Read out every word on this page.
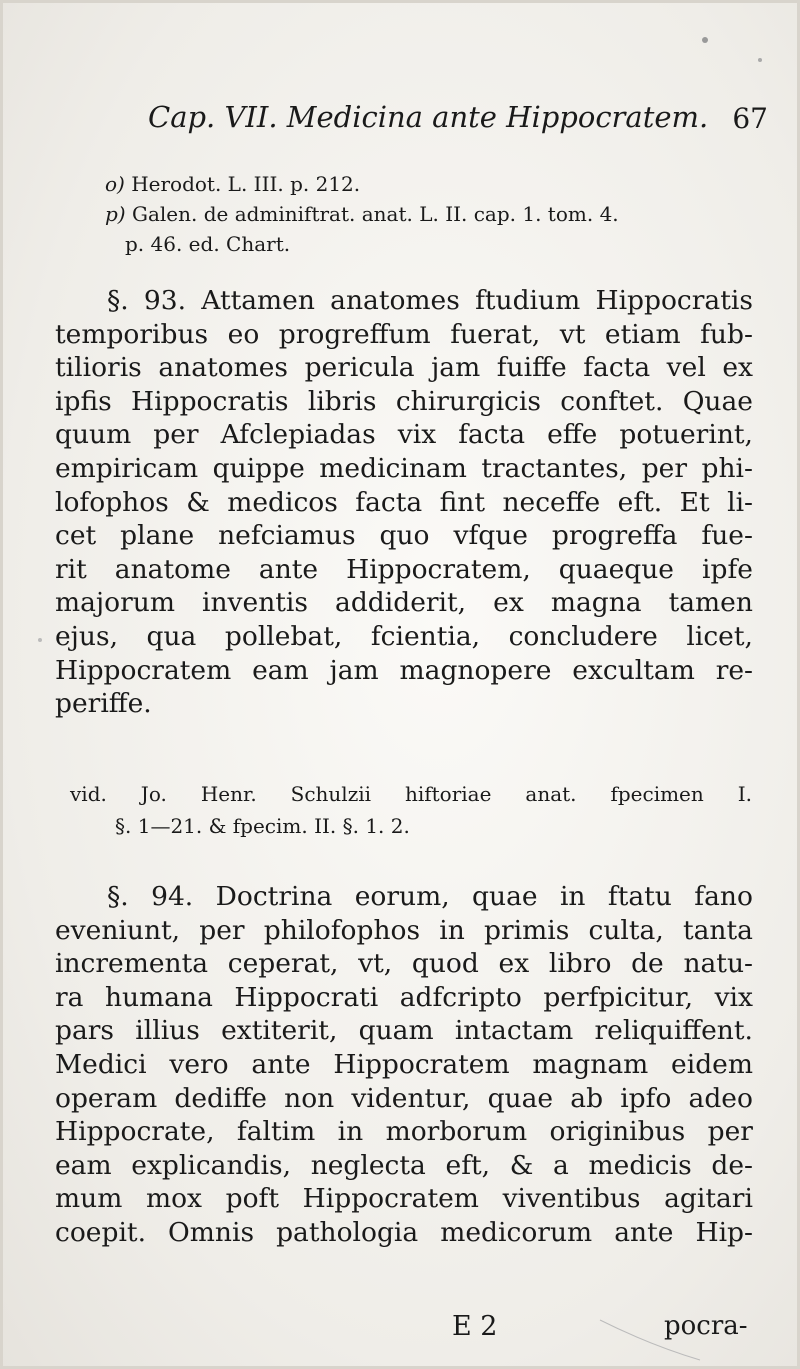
Cap. VII. Medicina ante Hippocratem. 67
o) Herodot. L. III. p. 212.
p) Galen. de adminiftrat. anat. L. II. cap. 1. tom. 4.
p. 46. ed. Chart.
§. 93. Attamen anatomes ftudium Hippocratis
temporibus eo progreffum fuerat, vt etiam fub-
tilioris anatomes pericula jam fuiffe facta vel ex
ipfis Hippocratis libris chirurgicis conftet. Quae
quum per Afclepiadas vix facta effe potuerint,
empiricam quippe medicinam tractantes, per phi-
lofophos & medicos facta fint neceffe eft. Et li-
cet plane nefciamus quo vfque progreffa fue-
rit anatome ante Hippocratem, quaeque ipfe
majorum inventis addiderit, ex magna tamen
ejus, qua pollebat, fcientia, concludere licet,
Hippocratem eam jam magnopere excultam re-
periffe.
vid. Jo. Henr. Schulzii hiftoriae anat. fpecimen I.
§. 1—21. & fpecim. II. §. 1. 2.
§. 94. Doctrina eorum, quae in ftatu fano
eveniunt, per philofophos in primis culta, tanta
incrementa ceperat, vt, quod ex libro de natu-
ra humana Hippocrati adfcripto perfpicitur, vix
pars illius extiterit, quam intactam reliquiffent.
Medici vero ante Hippocratem magnam eidem
operam dediffe non videntur, quae ab ipfo adeo
Hippocrate, faltim in morborum originibus per
eam explicandis, neglecta eft, & a medicis de-
mum mox poft Hippocratem viventibus agitari
coepit. Omnis pathologia medicorum ante Hip-
E 2	pocra-
